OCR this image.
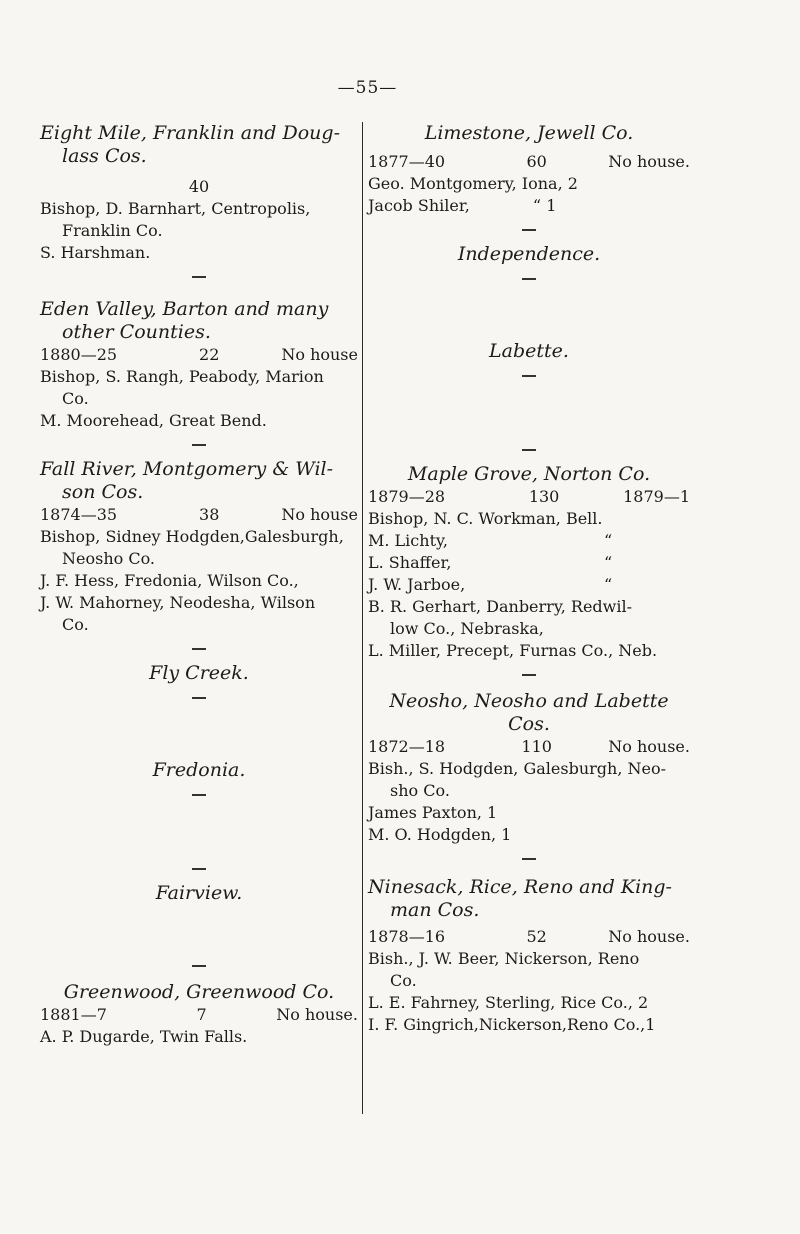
—55—
Eight Mile, Franklin and Doug-
lass Cos.
40
Bishop, D. Barnhart, Centropolis,
Franklin Co.
S. Harshman.
Eden Valley, Barton and many
other Counties.
1880—25	22	No house
Bishop, S. Rangh, Peabody, Marion
Co.
M. Moorehead, Great Bend.
Fall River, Montgomery & Wil-
son Cos.
1874—35	38	No house
Bishop, Sidney Hodgden,Galesburgh,
Neosho Co.
J. F. Hess, Fredonia, Wilson Co.,
J. W. Mahorney, Neodesha, Wilson
Co.
Fly Creek.
Fredonia.
Fairview.
Greenwood, Greenwood Co.
1881—7	7	No house.
A. P. Dugarde, Twin Falls.
Limestone, Jewell Co.
1877—40	60	No house.
Geo. Montgomery, Iona, 2
Jacob Shiler,	“ 1
Independence.
Labette.
Maple Grove, Norton Co.
1879—28	130	1879—1
Bishop, N. C. Workman, Bell.
M. Lichty,	“
L. Shaffer,	“
J. W. Jarboe,	“
B. R. Gerhart, Danberry, Redwil-
low Co., Nebraska,
L. Miller, Precept, Furnas Co., Neb.
Neosho, Neosho and Labette Cos.
1872—18	110	No house.
Bish., S. Hodgden, Galesburgh, Neo-
sho Co.
James Paxton, 1
M. O. Hodgden, 1
Ninesack, Rice, Reno and King-
man Cos.
1878—16	52	No house.
Bish., J. W. Beer, Nickerson, Reno
Co.
L. E. Fahrney, Sterling, Rice Co., 2
I. F. Gingrich,Nickerson,Reno Co.,1
